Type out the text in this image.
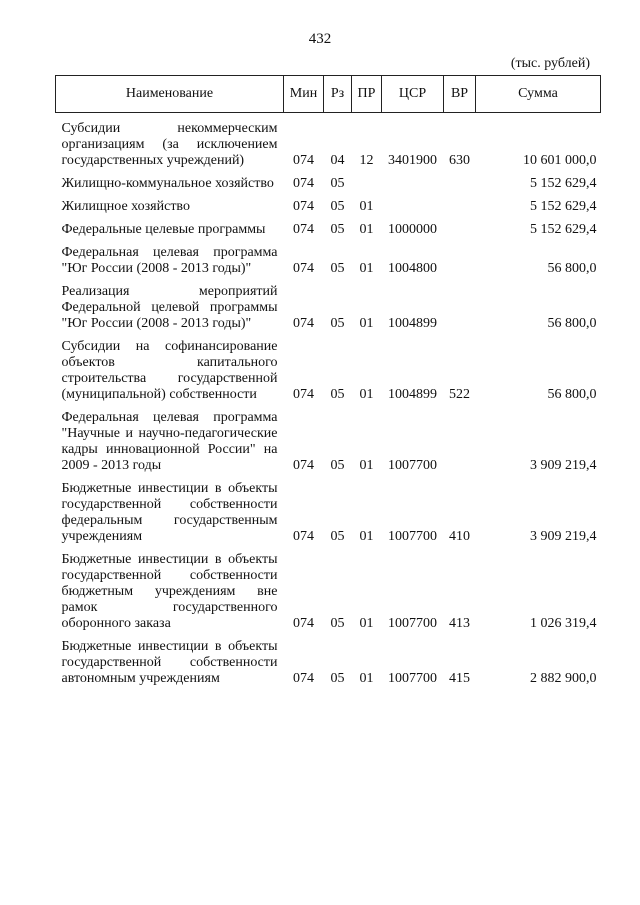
432
(тыс. рублей)
Наименование	Мин	Рз	ПР	ЦСР	ВР	Сумма
Субсидии некоммерческим организациям (за исключением государственных учреждений)	074	04	12	3401900	630	10 601 000,0
Жилищно-коммунальное хозяйство	074	05				5 152 629,4
Жилищное хозяйство	074	05	01			5 152 629,4
Федеральные целевые программы	074	05	01	1000000		5 152 629,4
Федеральная целевая программа "Юг России (2008 - 2013 годы)"	074	05	01	1004800		56 800,0
Реализация мероприятий Федеральной целевой программы "Юг России (2008 - 2013 годы)"	074	05	01	1004899		56 800,0
Субсидии на софинансирование объектов капитального строительства государственной (муниципальной) собственности	074	05	01	1004899	522	56 800,0
Федеральная целевая программа "Научные и научно-педагогические кадры инновационной России" на 2009 - 2013 годы	074	05	01	1007700		3 909 219,4
Бюджетные инвестиции в объекты государственной собственности федеральным государственным учреждениям	074	05	01	1007700	410	3 909 219,4
Бюджетные инвестиции в объекты государственной собственности бюджетным учреждениям вне рамок государственного оборонного заказа	074	05	01	1007700	413	1 026 319,4
Бюджетные инвестиции в объекты государственной собственности автономным учреждениям	074	05	01	1007700	415	2 882 900,0
